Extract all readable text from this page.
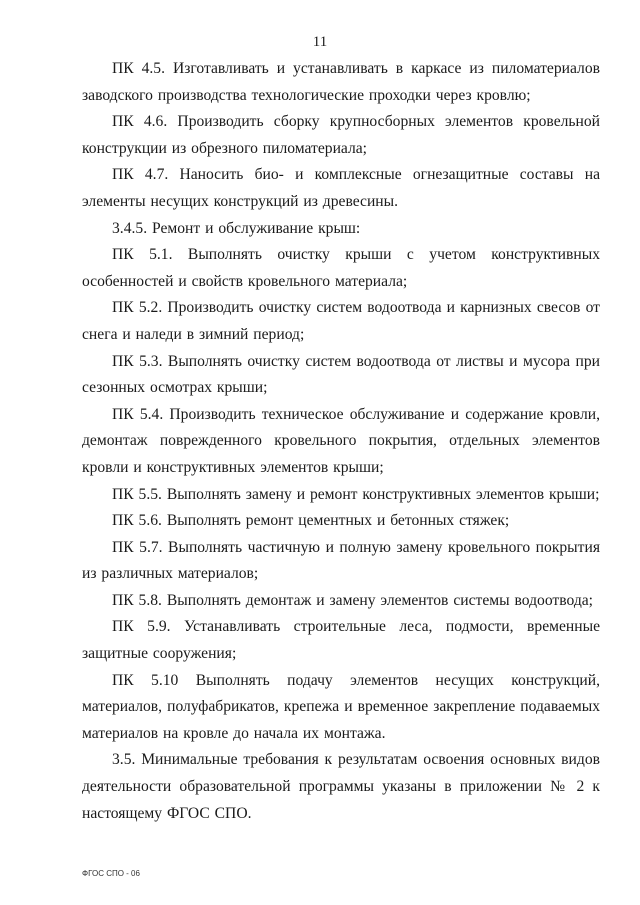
11

ПК 4.5. Изготавливать и устанавливать в каркасе из пиломатериалов заводского производства технологические проходки через кровлю;

ПК 4.6. Производить сборку крупносборных элементов кровельной конструкции из обрезного пиломатериала;

ПК 4.7. Наносить био- и комплексные огнезащитные составы на элементы несущих конструкций из древесины.

3.4.5. Ремонт и обслуживание крыш:

ПК 5.1. Выполнять очистку крыши с учетом конструктивных особенностей и свойств кровельного материала;

ПК 5.2. Производить очистку систем водоотвода и карнизных свесов от снега и наледи в зимний период;

ПК 5.3. Выполнять очистку систем водоотвода от листвы и мусора при сезонных осмотрах крыши;

ПК 5.4. Производить техническое обслуживание и содержание кровли, демонтаж поврежденного кровельного покрытия, отдельных элементов кровли и конструктивных элементов крыши;

ПК 5.5. Выполнять замену и ремонт конструктивных элементов крыши;

ПК 5.6. Выполнять ремонт цементных и бетонных стяжек;

ПК 5.7. Выполнять частичную и полную замену кровельного покрытия из различных материалов;

ПК 5.8. Выполнять демонтаж и замену элементов системы водоотвода;

ПК 5.9. Устанавливать строительные леса, подмости, временные защитные сооружения;

ПК 5.10 Выполнять подачу элементов несущих конструкций, материалов, полуфабрикатов, крепежа и временное закрепление подаваемых материалов на кровле до начала их монтажа.

3.5. Минимальные требования к результатам освоения основных видов деятельности образовательной программы указаны в приложении № 2 к настоящему ФГОС СПО.

ФГОС СПО - 06
